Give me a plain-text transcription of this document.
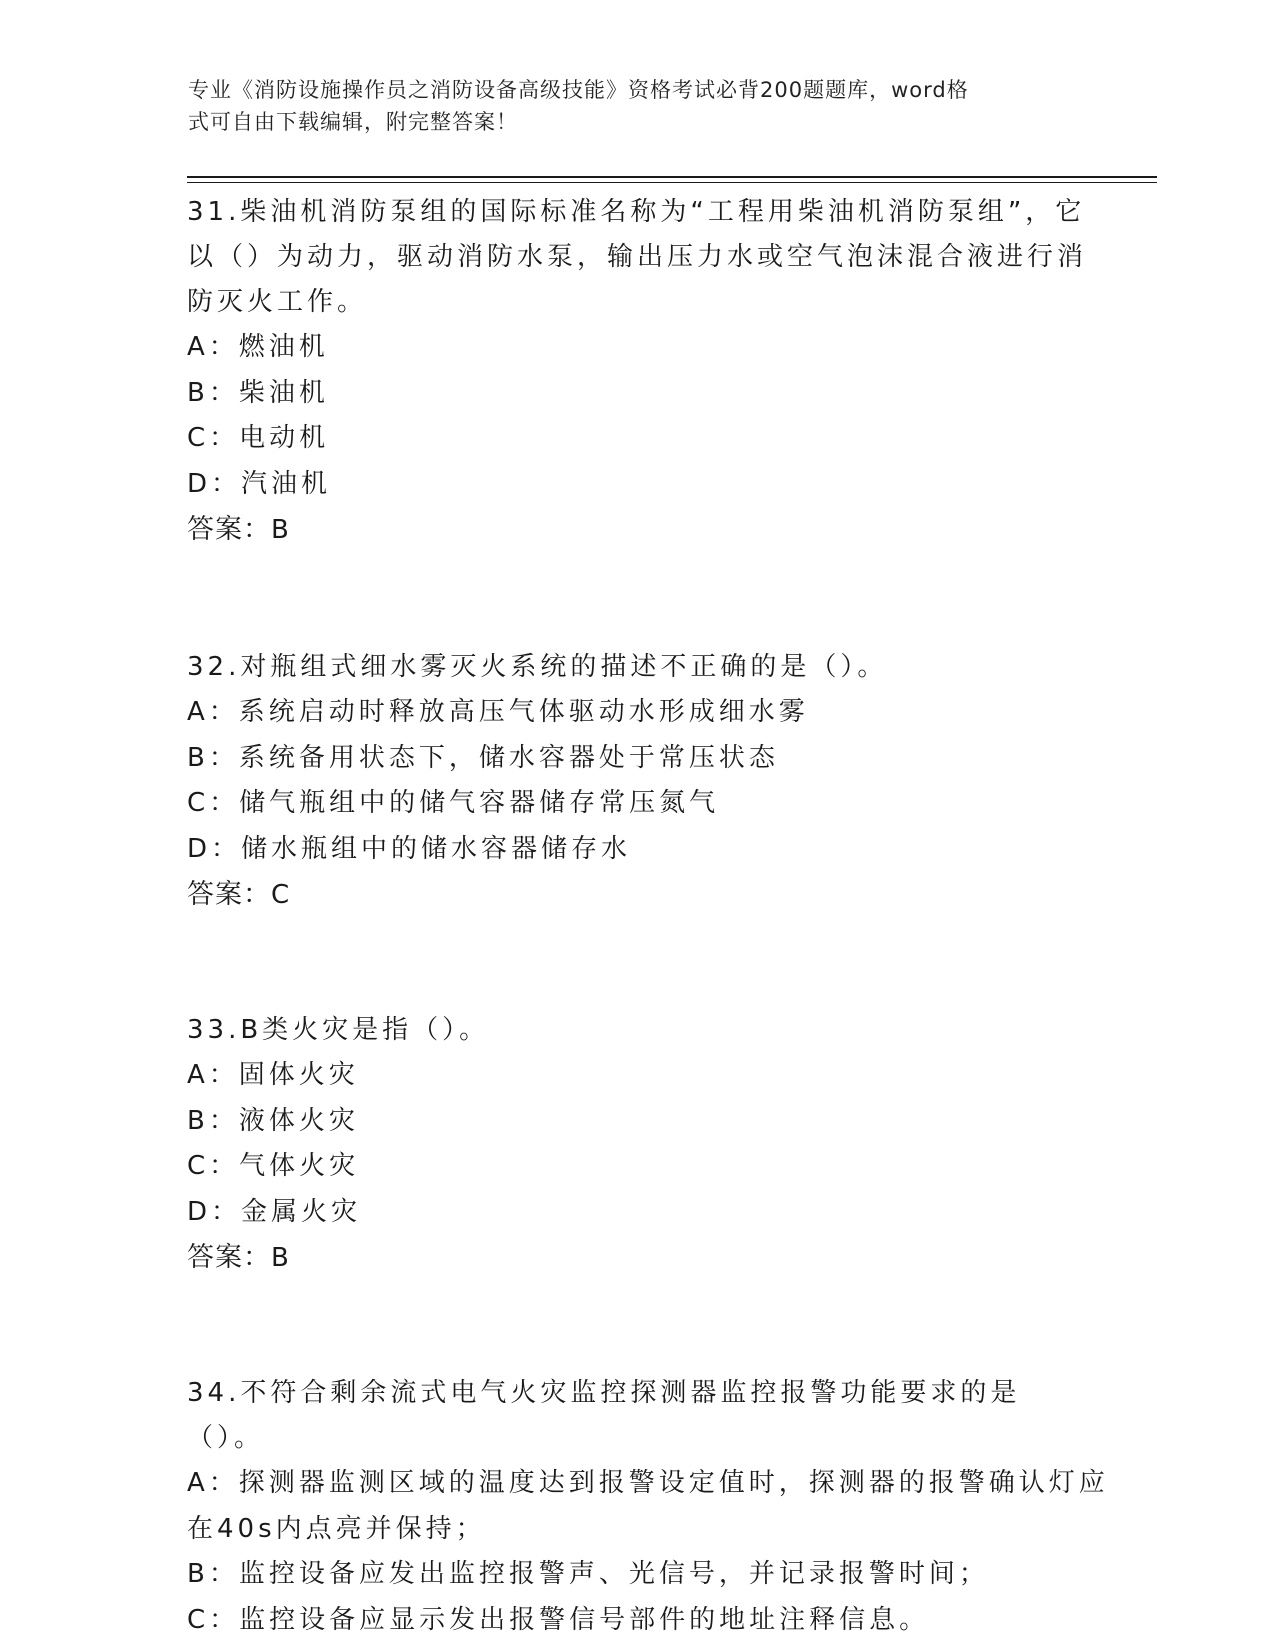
专业《消防设施操作员之消防设备高级技能》资格考试必背200题题库，word格
式可自由下载编辑，附完整答案！
31.柴油机消防泵组的国际标准名称为“工程用柴油机消防泵组”，它
以（）为动力，驱动消防水泵，输出压力水或空气泡沫混合液进行消
防灭火工作。
A：燃油机
B：柴油机
C：电动机
D：汽油机
答案：B
32.对瓶组式细水雾灭火系统的描述不正确的是（）。
A：系统启动时释放高压气体驱动水形成细水雾
B：系统备用状态下，储水容器处于常压状态
C：储气瓶组中的储气容器储存常压氮气
D：储水瓶组中的储水容器储存水
答案：C
33.B类火灾是指（）。
A：固体火灾
B：液体火灾
C：气体火灾
D：金属火灾
答案：B
34.不符合剩余流式电气火灾监控探测器监控报警功能要求的是（）。
A：探测器监测区域的温度达到报警设定值时，探测器的报警确认灯应
在40s内点亮并保持；
B：监控设备应发出监控报警声、光信号，并记录报警时间；
C：监控设备应显示发出报警信号部件的地址注释信息。
